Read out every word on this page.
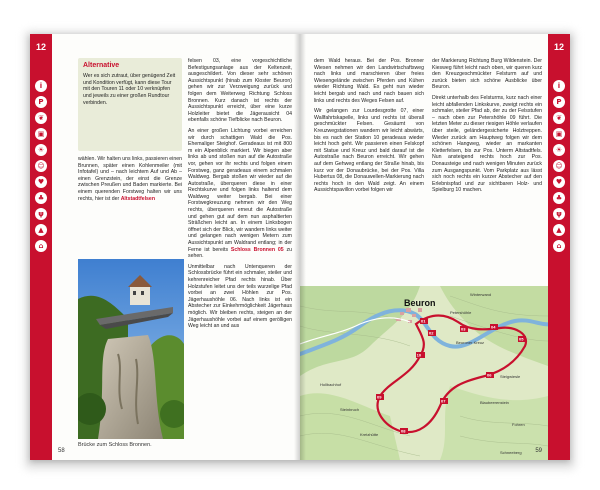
12
i
P
❦
▣
☀
☺
♥
♣
ψ
▲
⌂
Alternative
Wer es sich zutraut, über genügend Zeit und Kondition verfügt, kann diese Tour mit den Touren 11 oder 10 verknüpfen und jeweils zu einer großen Rundtour verbinden.

wählen. Wir halten uns links, passieren einen Brunnen, später einen Kohlenmeiler (mit Infotafel) und – nach leichtem Auf und Ab – einen Grenzstein, der einst die Grenze zwischen Preußen und Baden markierte. Bei einem querenden Forstweg halten wir uns rechts, hier ist der Altstadtfelsen

Brücke zum Schloss Bronnen.

felsen 03, eine vorgeschichtliche Befestigungsanlage aus der Keltenzeit, ausgeschildert. Von dieser sehr schönen Aussichtspunkt (hinab zum Kloster Beuron) gehen wir zur Verzweigung zurück und folgen dem Weiterweg Richtung Schloss Bronnen. Kurz danach ist rechts der Aussichtspunkt erreicht, über eine kurze Holzleiter bietet die Jägerausicht 04 ebenfalls schöne Tiefblicke nach Beuron.

An einer großen Lichtung vorbei erreichen wir durch schattigen Wald die Pos. Ehemaliger Steighof. Geradeaus ist mit 800 m ein Alpenblick markiert. Wir biegen aber links ab und stoßen nun auf die Autostraße vor, gehen vor ihr rechts und folgen einem Forstweg, ganz geradeaus einem schmalen Waldweg. Bergab stoßen wir wieder auf die Autostraße, überqueren diese in einer Rechtskurve und folgen links haltend dem Waldweg weiter bergab. Bei einer Forstwegkreuzung nehmen wir den Weg rechts, überqueren erneut die Autostraße und gehen gut auf dem nun asphaltierten Sträßchen leicht an. In einem Linksbogen öffnet sich der Blick, wir wandern links weiter und gelangen nach wenigen Metern zum Aussichtspunkt am Waldrand entlang; in der Ferne ist bereits Schloss Bronnen 05 zu sehen.

Unmittelbar nach Untenqueren der Schlossbrücke führt ein schmaler, steiler und kehrenreicher Pfad rechts hinab. Über Holzstufen leitet uns der teils wurzelige Pfad vorbei an zwei Höhlen zur Pos. Jägerhaushöhle 06. Nach links ist ein Abstecher zur Einkehrmöglichkeit Jägerhaus möglich. Wir bleiben rechts, steigen an der Jägerhaushöhle vorbei auf einem gerölligen Weg leicht an und aus

58

dem Wald heraus. Bei der Pos. Bronner Wiesen nehmen wir den Landwirtschaftsweg nach links und marschieren über freies Wiesengelände zwischen Pferden und Kühen wieder Richtung Wald. Es geht nun wieder leicht bergab und nach und nach bauen sich links und rechts des Weges Felsen auf.

Wir gelangen zur Lourdesgrotte 07, einer Wallfahrtskapelle, links und rechts ist überall geschmückter Felsen. Gesäumt von Kreuzwegstationen wandern wir leicht abwärts, bis es nach der Station 10 geradeaus wieder leicht hoch geht. Wir passieren einen Felskopf mit Statue und Kreuz und bald darauf ist die Autostraße nach Beuron erreicht. Wir gehen auf dem Gehweg entlang der Straße hinab, bis kurz vor der Donaubrücke, bei der Pos. Villa Hubertus 08, die Donauwellen-Markierung nach rechts hoch in den Wald zeigt. An einem Aussichtspavillon vorbei folgen wir

der Markierung Richtung Burg Wildenstein. Der Kiesweg führt leicht nach oben, wir queren kurz den Kreuzgeschmückter Felsturm auf und zurück bieten sich schöne Ausblicke über Beuron.

Direkt unterhalb des Felsturms, kurz nach einer leicht abfallenden Linkskurve, zweigt rechts ein schmaler, steiler Pfad ab, der zu der Felsstufen – nach oben zur Petershöhle 09 führt. Die letzten Meter zu dieser riesigen Höhle verlaufen über steile, geländergesicherte Holztreppen. Wieder zurück am Hauptweg folgen wir dem schönen Hangweg, wieder an markanten Kletterfelsen, bis zur Pos. Unterm Altstadtfels. Nun ansteigend rechts hoch zur Pos. Donausteige und nach wenigen Minuten zurück zum Ausgangspunkt. Vom Parkplatz aus lässt sich noch rechts ein kurzer Abstecher auf den Erlebnispfad und zur sichtbaren Holz- und Spielburg 10 machen.

Beuron
Beuroner Kreuz
Steigwiesle
Blaubeerenstein
Fohren
Schneeberg
Hollbachhof
Petershöhle
Kretzhütte
Steinbruch
Winterwand
01
02
03	04
05
06
07
08
09
10
12
i
P
❦
▣
☀
☺
♥
♣
ψ
▲
⌂
59
